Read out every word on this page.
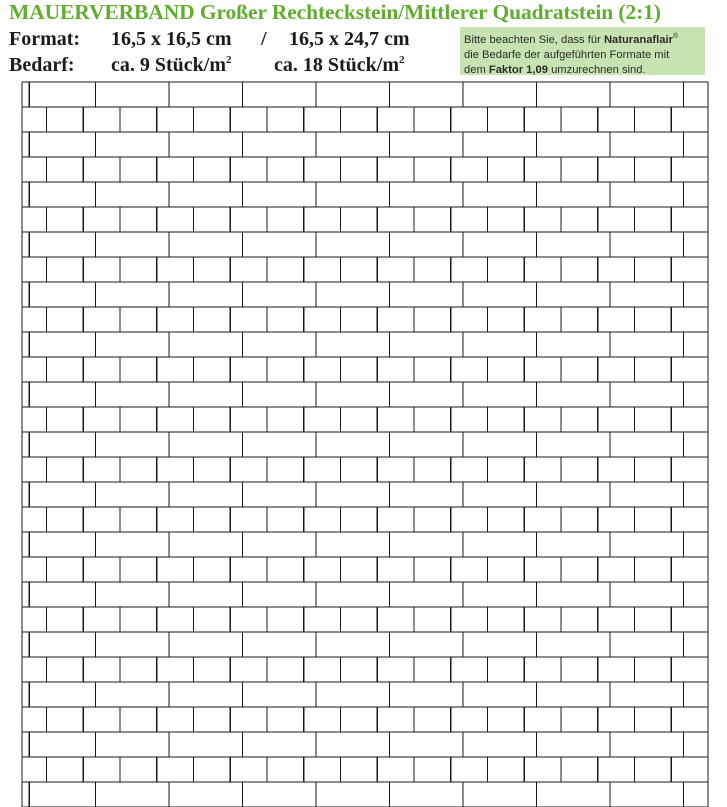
MAUERVERBAND Großer Rechteckstein/Mittlerer Quadratstein (2:1)
Format: 16,5 x 16,5 cm / 16,5 x 24,7 cm
Bedarf: ca. 9 Stück/$m^2$ ca. 18 Stück/$m^2$
Bitte beachten Sie, dass für Naturanaflair®
die Bedarfe der aufgeführten Formate mit
dem Faktor 1,09 umzurechnen sind.
